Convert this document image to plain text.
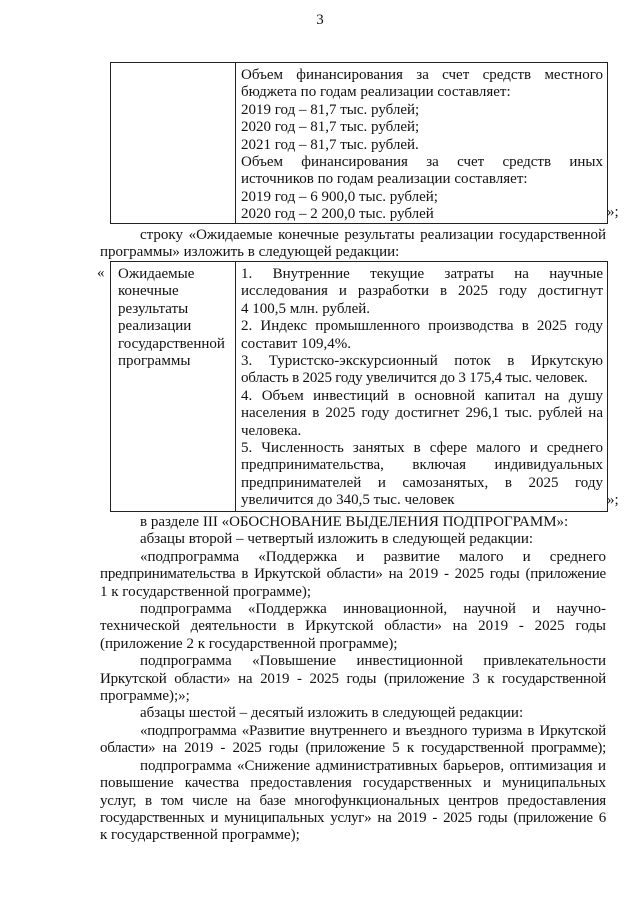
3
Объем финансирования за счет средств местного
бюджета по годам реализации составляет:
2019 год – 81,7 тыс. рублей;
2020 год – 81,7 тыс. рублей;
2021 год – 81,7 тыс. рублей.
Объем финансирования за счет средств иных
источников по годам реализации составляет:
2019 год – 6 900,0 тыс. рублей;
2020 год – 2 200,0 тыс. рублей	»;
строку «Ожидаемые конечные результаты реализации государственной
программы» изложить в следующей редакции:
« Ожидаемые
конечные
результаты
реализации
государственной
программы
1. Внутренние текущие затраты на научные
исследования и разработки в 2025 году достигнут
4 100,5 млн. рублей.
2. Индекс промышленного производства в 2025 году
составит 109,4%.
3. Туристско-экскурсионный поток в Иркутскую
область в 2025 году увеличится до 3 175,4 тыс. человек.
4. Объем инвестиций в основной капитал на душу
населения в 2025 году достигнет 296,1 тыс. рублей на
человека.
5. Численность занятых в сфере малого и среднего
предпринимательства, включая индивидуальных
предпринимателей и самозанятых, в 2025 году
увеличится до 340,5 тыс. человек	»;
в разделе III «ОБОСНОВАНИЕ ВЫДЕЛЕНИЯ ПОДПРОГРАММ»:
абзацы второй – четвертый изложить в следующей редакции:
«подпрограмма «Поддержка и развитие малого и среднего
предпринимательства в Иркутской области» на 2019 - 2025 годы (приложение
1 к государственной программе);
подпрограмма «Поддержка инновационной, научной и научно-
технической деятельности в Иркутской области» на 2019 - 2025 годы
(приложение 2 к государственной программе);
подпрограмма «Повышение инвестиционной привлекательности
Иркутской области» на 2019 - 2025 годы (приложение 3 к государственной
программе);»;
абзацы шестой – десятый изложить в следующей редакции:
«подпрограмма «Развитие внутреннего и въездного туризма в Иркутской
области» на 2019 - 2025 годы (приложение 5 к государственной программе);
подпрограмма «Снижение административных барьеров, оптимизация и
повышение качества предоставления государственных и муниципальных
услуг, в том числе на базе многофункциональных центров предоставления
государственных и муниципальных услуг» на 2019 - 2025 годы (приложение 6
к государственной программе);
